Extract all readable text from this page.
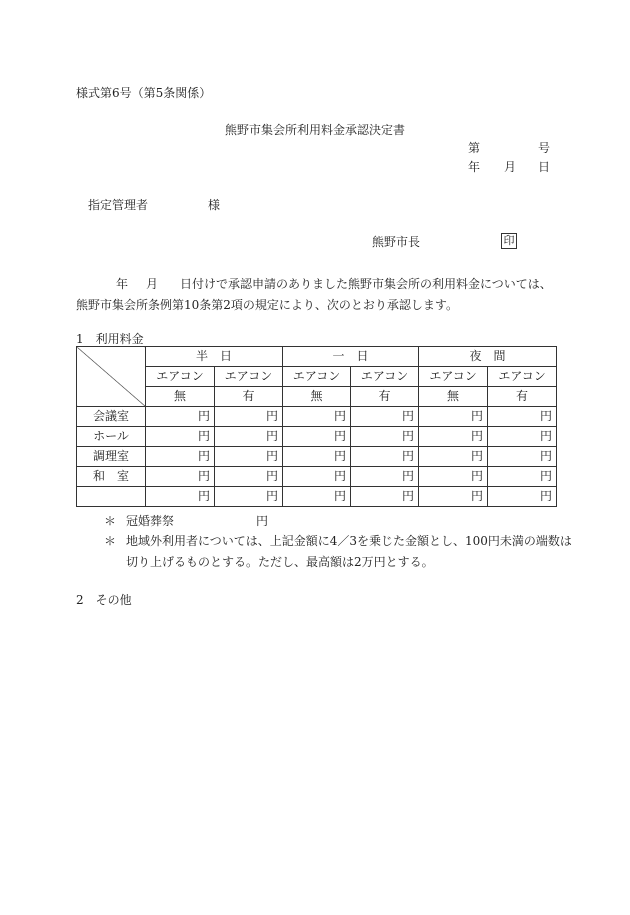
様式第6号（第5条関係）
熊野市集会所利用料金承認決定書
第	号
年 月 日
指定管理者	様
熊野市長	印
年 月 日付けで承認申請のありました熊野市集会所の利用料金については、
熊野市集会所条例第10条第2項の規定により、次のとおり承認します。
1　利用料金
	半　日		一　日		夜　間	
	エアコン	エアコン	エアコン	エアコン	エアコン	エアコン
	無	有	無	有	無	有
会議室	円	円	円	円	円	円
ホール	円	円	円	円	円	円
調理室	円	円	円	円	円	円
和　室	円	円	円	円	円	円
	円	円	円	円	円	円
＊ 冠婚葬祭	円
＊ 地域外利用者については、上記金額に4／3を乗じた金額とし、100円未満の端数は
切り上げるものとする。ただし、最高額は2万円とする。
2　その他
